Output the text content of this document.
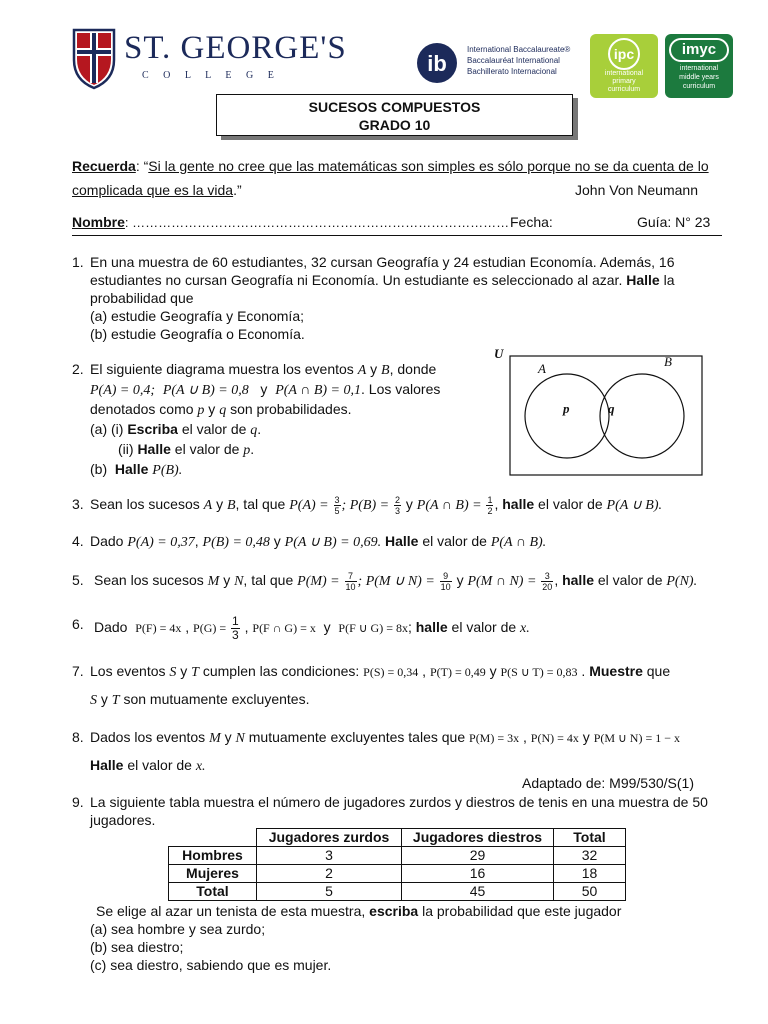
ST. GEORGE'S
C O L L E G E	ib
International Baccalaureate®
Baccalauréat International
Bachillerato Internacional
ipc
international
primary
curriculum
imyc
international
middle years
curriculum
SUCESOS COMPUESTOS
GRADO 10
Recuerda: “Si la gente no cree que las matemáticas son simples es sólo porque no se da cuenta de lo
complicada que es la vida.”	John Von Neumann
Nombre: …………………………………………………………………………… Fecha:	Guía: N° 23
1. En una muestra de 60 estudiantes, 32 cursan Geografía y 24 estudian Economía. Además, 16
estudiantes no cursan Geografía ni Economía. Un estudiante es seleccionado al azar. Halle la
probabilidad que
(a) estudie Geografía y Economía;
(b) estudie Geografía o Economía.
2. El siguiente diagrama muestra los eventos A y B, donde
P(A) = 0,4; P(A ∪ B) = 0,8   y  P(A ∩ B) = 0,1. Los valores
denotados como p y q son probabilidades.
(a) (i) Escriba el valor de q.
(ii) Halle el valor de p.
(b) Halle P(B).
U
A	B
p	q
3. Sean los sucesos A y B, tal que $P(A) = \frac{3}{5}$ ; $P(B) = \frac{2}{3}$ y P(A ∩ $B) = \frac{1}{2}$ , halle el valor de P(A ∪ B).
4. Dado P(A) = 0,37, P(B) = 0,48 y P(A ∪ B) = 0,69. Halle el valor de P(A ∩ B).
5. Sean los sucesos M y N, tal que $P(M) = \frac{7}{10}$ ; P(M ∪ $N) = \frac{9}{10}$ y P(M ∩ $N) = \frac{3}{20}$ , halle el valor de P(N).
6. Dado P(F) = 4x , $P(G) = \frac{1}{3}$ , P(F ∩ G) = x y P(F ∪ G) = 8x; halle el valor de x.
7. Los eventos S y T cumplen las condiciones: P(S) = 0,34 , P(T) = 0,49 y P(S ∪ T) = 0,83 . Muestre que
S y T son mutuamente excluyentes.
8. Dados los eventos M y N mutuamente excluyentes tales que P(M) = 3x , P(N) = 4x y P(M ∪ N) = 1 − x
Halle el valor de x.
Adaptado de: M99/530/S(1)
9. La siguiente tabla muestra el número de jugadores zurdos y diestros de tenis en una muestra de 50
jugadores.
	Jugadores zurdos	Jugadores diestros	Total
Hombres	3	29	32
Mujeres	2	16	18
Total	5	45	50
Se elige al azar un tenista de esta muestra, escriba la probabilidad que este jugador
(a) sea hombre y sea zurdo;
(b) sea diestro;
(c) sea diestro, sabiendo que es mujer.
